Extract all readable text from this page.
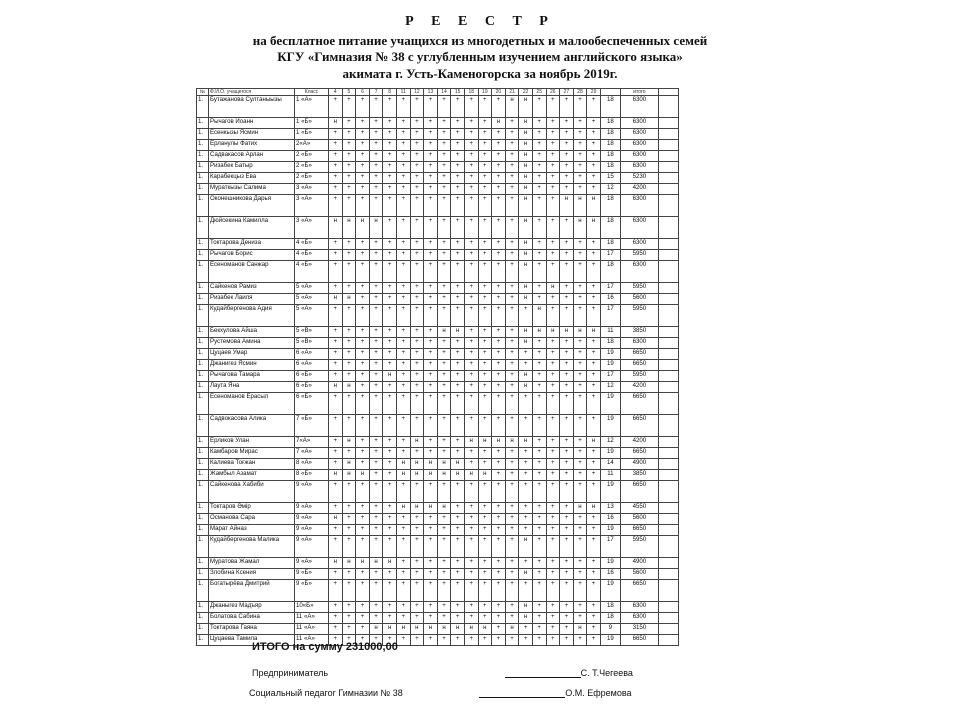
Р Е Е С Т Р

на бесплатное питание учащихся из многодетных и малообеспеченных семей

КГУ «Гимназия № 38 с углубленным изучением английского языка»

акимата г. Усть-Каменогорска за ноябрь 2019г.

№	Ф.И.О. учащегося	Класс	4	5	6	7	8	11	12	13	14	15	18	19	20	21	22	25	26	27	28	29		итого	
1.	Бутажанова Султаныызы	1 «А»	+	+	+	+	+	+	+	+	+	+	+	+	+	н	н	+	+	+	+	+	18	6300	
1.	Рычагов Иоанн	1 «Б»	н	+	+	+	+	+	+	+	+	+	+	+	н	+	н	+	+	+	+	+	18	6300	
1.	Есенкызы Ясмин	1 «Б»	+	+	+	+	+	+	+	+	+	+	+	+	+	+	н	+	+	+	+	+	18	6300	
1.	Ерланулы Фатих	2«А»	+	+	+	+	+	+	+	+	+	+	+	+	+	+	н	+	+	+	+	+	18	6300	
1.	Садвакасов Арлан	2 «Б»	+	+	+	+	+	+	+	+	+	+	+	+	+	+	н	+	+	+	+	+	18	6300	
1.	Ризабек Батыр	2 «Б»	+	+	+	+	+	+	+	+	+	+	+	+	+	+	н	+	+	+	+	+	18	6300	
1.	Карабекцыз Ева	2 «Б»	+	+	+	+	+	+	+	+	+	+	+	+	+	+	н	+	+	+	+	+	15	5230	
1.	Мураткызы Салима	3 «А»	+	+	+	+	+	+	+	+	+	+	+	+	+	+	н	+	+	+	+	+	12	4200	
1.	Оконешникова Дарья	3 «А»	+	+	+	+	+	+	+	+	+	+	+	+	+	+	н	+	+	н	н	н	18	6300	
1.	Дюйсекина Камилла	3 «А»	н	н	н	н	+	+	+	+	+	+	+	+	+	+	н	+	+	+	н	н	18	6300	
1.	Токтарова Дениза	4 «Б»	+	+	+	+	+	+	+	+	+	+	+	+	+	+	н	+	+	+	+	+	18	6300	
1.	Рычагов Борис	4 «Б»	+	+	+	+	+	+	+	+	+	+	+	+	+	+	н	+	+	+	+	+	17	5950	
1.	Есеноманов Санжар	4 «Б»	+	+	+	+	+	+	+	+	+	+	+	+	+	+	н	+	+	+	+	+	18	6300	
1.	Сайкенов Рамиз	5 «А»	+	+	+	+	+	+	+	+	+	+	+	+	+	+	н	+	н	+	+	+	17	5950	
1.	Ризабек Лаиля	5 «А»	н	н	+	+	+	+	+	+	+	+	+	+	+	+	н	+	+	+	+	+	16	5600	
1.	Кудайбергенова Адия	5 «А»	+	+	+	+	+	+	+	+	+	+	+	+	+	+	+	н	+	+	+	+	17	5950	
1.	Бекхулова Айша	5 «В»	+	+	+	+	+	+	+	+	н	н	+	+	+	+	н	н	н	н	н	н	11	3850	
1.	Рустемова Амина	5 «В»	+	+	+	+	+	+	+	+	+	+	+	+	+	+	н	+	+	+	+	+	18	6300	
1.	Цуцаев Умар	6 «А»	+	+	+	+	+	+	+	+	+	+	+	+	+	+	+	+	+	+	+	+	19	6650	
1.	Джанигез Ясмин	6 «А»	+	+	+	+	+	+	+	+	+	+	+	+	+	+	+	+	+	+	+	+	19	6650	
1.	Рычагова Тамара	6 «Б»	+	+	+	+	н	+	+	+	+	+	+	+	+	+	н	+	+	+	+	+	17	5950	
1.	Лаута Яна	6 «Б»	н	н	+	+	+	+	+	+	+	+	+	+	+	+	н	+	+	+	+	+	12	4200	
1.	Есеноманов Ерасыл	6 «Б»	+	+	+	+	+	+	+	+	+	+	+	+	+	+	+	+	+	+	+	+	19	6650	
1.	Садвокасова Алика	7 «Б»	+	+	+	+	+	+	+	+	+	+	+	+	+	+	+	+	+	+	+	+	19	6650	
1.	Ерликов Улан	7«А»	+	н	+	+	+	+	н	+	+	+	н	н	н	н	н	+	+	+	+	н	12	4200	
1.	Камбаров Мирас	7 «А»	+	+	+	+	+	+	+	+	+	+	+	+	+	+	+	+	+	+	+	+	19	6650	
1.	Калиева Тоғжан	8 «А»	+	н	+	+	+	н	н	н	н	н	+	+	+	+	+	+	+	+	+	+	14	4900	
1.	Жамбыл Азамат	8 «Б»	н	н	н	+	+	н	н	н	н	н	н	н	+	+	+	+	+	+	+	+	11	3850	
1.	Сайкенова Хабиби	9 «А»	+	+	+	+	+	+	+	+	+	+	+	+	+	+	+	+	+	+	+	+	19	6650	
1.	Токтаров Әмір	9 «А»	+	+	+	+	+	н	н	н	н	+	+	+	+	+	+	+	+	+	н	н	13	4550	
1.	Османова Сара	9 «А»	н	+	+	+	+	+	+	+	+	+	+	+	+	+	+	+	+	+	+	+	16	5600	
1.	Марат Айназ	9 «А»	+	+	+	+	+	+	+	+	+	+	+	+	+	+	+	+	+	+	+	+	19	6650	
1.	Кудайбергенова Малика	9 «А»	+	+	+	+	+	+	+	+	+	+	+	+	+	+	н	+	+	+	+	+	17	5950	
1.	Муратова Жамал	9 «А»	н	н	н	н	н	+	+	+	+	+	+	+	+	+	+	+	+	+	+	+	19	4900	
1.	Злобина Ксения	9 «Б»	+	+	+	+	+	+	+	+	+	+	+	+	+	+	н	+	+	+	+	+	16	5600	
1.	Богатырёва Дмитрий	9 «Б»	+	+	+	+	+	+	+	+	+	+	+	+	+	+	+	+	+	+	+	+	19	6650	
1.	Джаныгез Мадъяр	10«Б»	+	+	+	+	+	+	+	+	+	+	+	+	+	+	н	+	+	+	+	+	18	6300	
1.	Болатова Сабина	11 «А»	+	+	+	+	+	+	+	+	+	+	+	+	+	+	н	+	+	+	+	+	18	6300	
1.	Токтарова Гаяна	11 «А»	+	+	+	н	н	н	н	н	н	н	н	н	+	н	+	+	+	+	н	+	9	3150	
1.	Цуцаева Тамила	11 «А»	+	+	+	+	+	+	+	+	+	+	+	+	+	+	+	+	+	+	+	+	19	6650	

ИТОГО на сумму 231000,00

Предприниматель	С. Т.Чегеева

Социальный педагог Гимназии № 38	О.М. Ефремова
